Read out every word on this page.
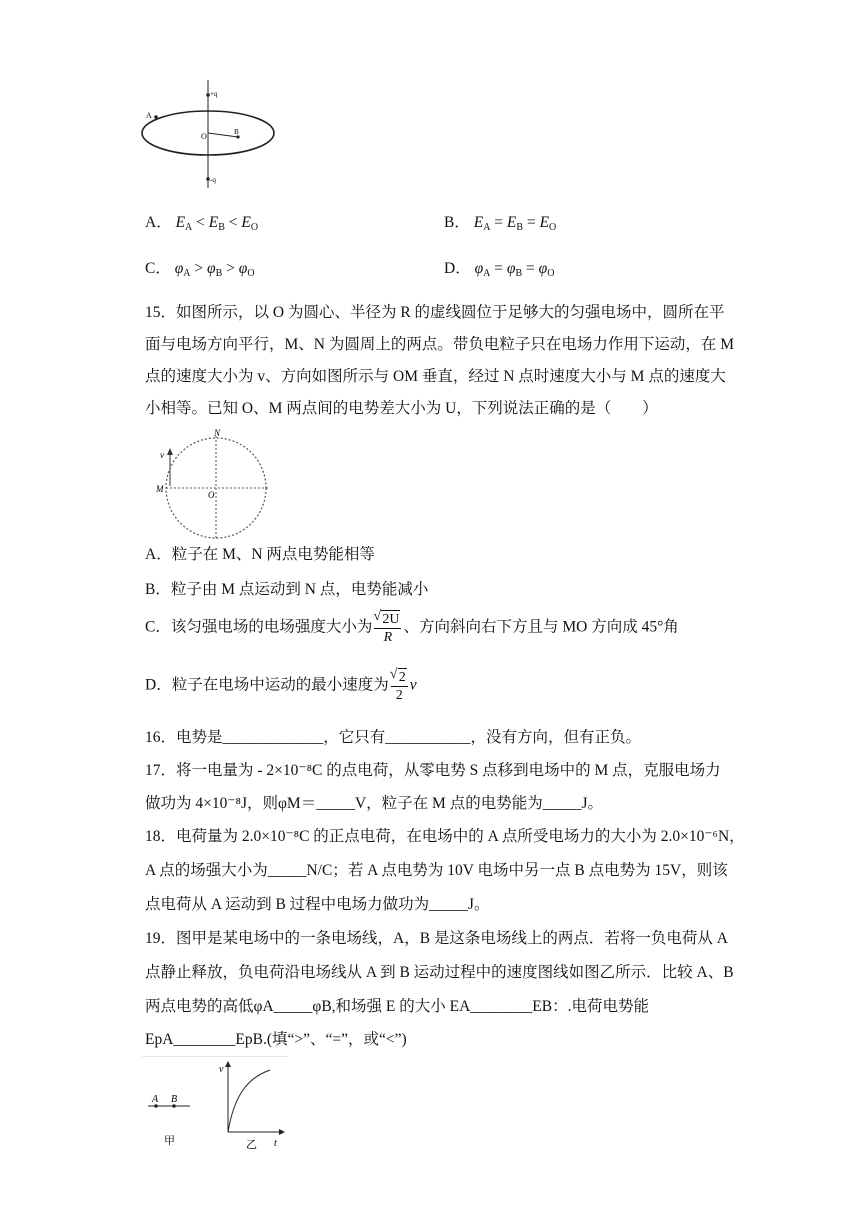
+q
-q
A
O	B
A． $E_A < E_B < E_O$	B． $E_A = E_B = E_O$
C． $\varphi_A > \varphi_B > \varphi_O$	D． $\varphi_A = \varphi_B = \varphi_O$
15．如图所示，以 O 为圆心、半径为 R 的虚线圆位于足够大的匀强电场中，圆所在平
面与电场方向平行，M、N 为圆周上的两点。带负电粒子只在电场力作用下运动，在 M
点的速度大小为 v、方向如图所示与 OM 垂直，经过 N 点时速度大小与 M 点的速度大
小相等。已知 O、M 两点间的电势差大小为 U，下列说法正确的是（　　）
N
v
M
O
A．粒子在 M、N 两点电势能相等
B．粒子由 M 点运动到 N 点，电势能减小
C．该匀强电场的电场强度大小为 √ $\frac{2U}{R}$ 、方向斜向右下方且与 MO 方向成 45°角
D．粒子在电场中运动的最小速度为 √ $\frac{2}{2}$ v
16．电势是_____________，它只有___________，没有方向，但有正负。
17．将一电量为 - 2×10⁻⁸C 的点电荷，从零电势 S 点移到电场中的 M 点，克服电场力
做功为 4×10⁻⁸J，则φM＝_____V，粒子在 M 点的电势能为_____J。
18．电荷量为 2.0×10⁻⁸C 的正点电荷，在电场中的 A 点所受电场力的大小为 2.0×10⁻⁶N，
A 点的场强大小为_____N/C；若 A 点电势为 10V 电场中另一点 B 点电势为 15V，则该
点电荷从 A 运动到 B 过程中电场力做功为_____J。
19．图甲是某电场中的一条电场线，A，B 是这条电场线上的两点．若将一负电荷从 A
点静止释放，负电荷沿电场线从 A 到 B 运动过程中的速度图线如图乙所示．比较 A、B
两点电势的高低φA_____φB,和场强 E 的大小 EA________EB：.电荷电势能
EpA________EpB.(填“>”、“=”，或“<”)
A B
甲
v
t
乙
